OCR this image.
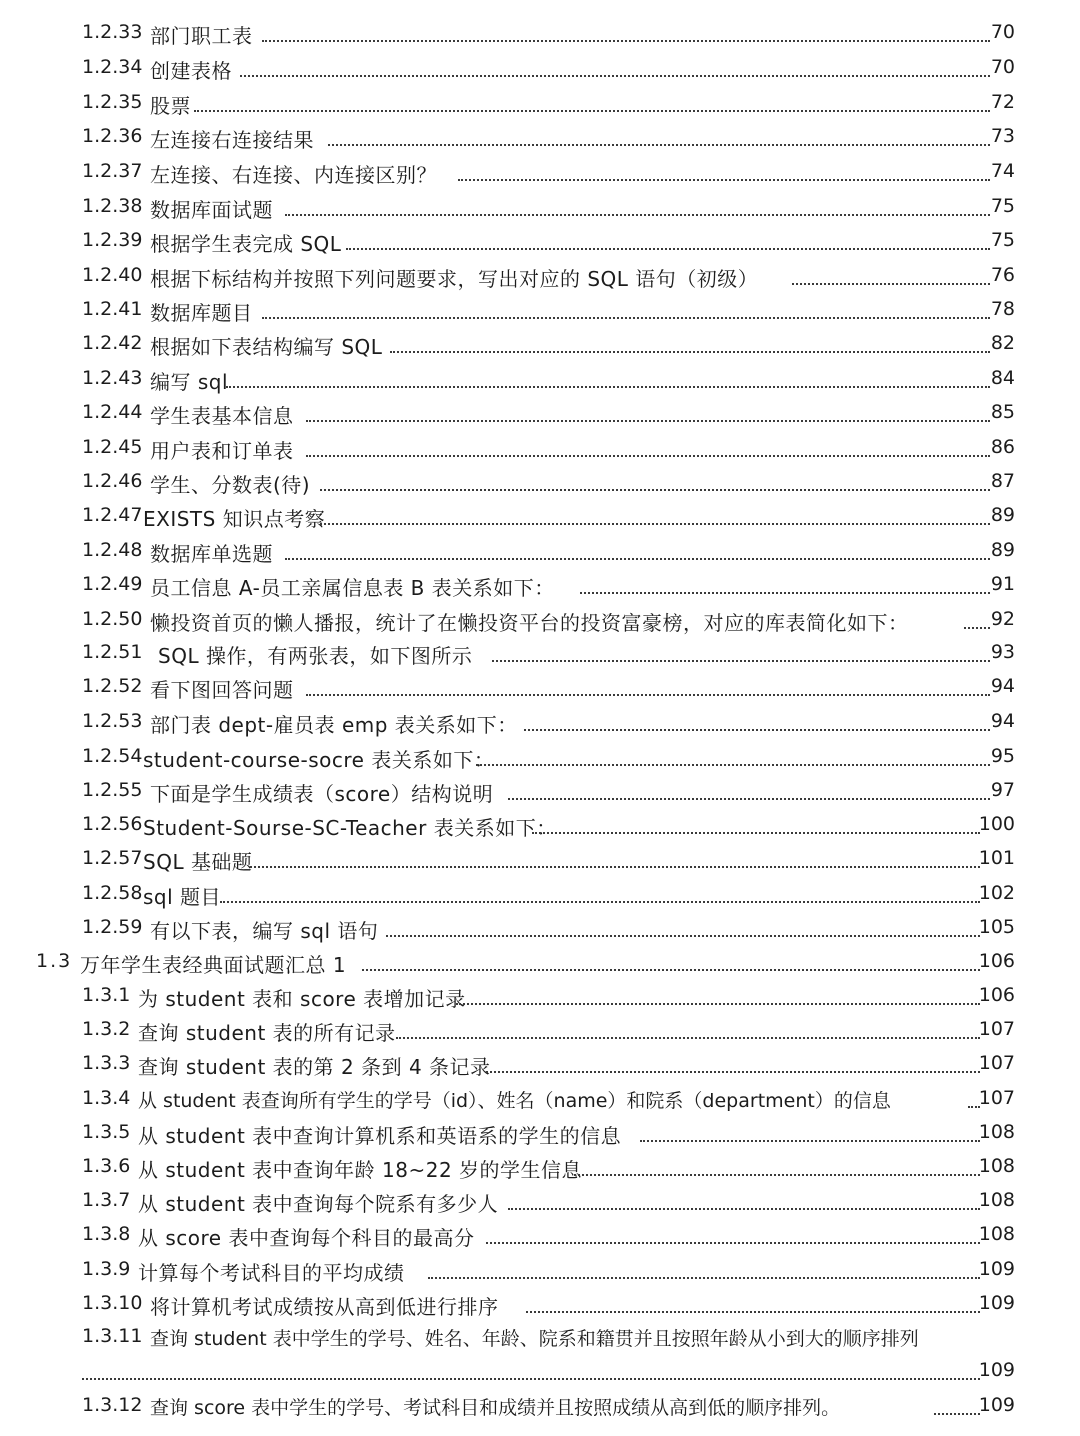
1.2.33 部门职工表	70
1.2.34 创建表格	70
1.2.35 股票	72
1.2.36 左连接右连接结果	73
1.2.37 左连接、右连接、内连接区别？	74
1.2.38 数据库面试题	75
1.2.39 根据学生表完成 SQL	75
1.2.40 根据下标结构并按照下列问题要求，写出对应的 SQL 语句（初级）	76
1.2.41 数据库题目	78
1.2.42 根据如下表结构编写 SQL	82
1.2.43 编写 sql	84
1.2.44 学生表基本信息	85
1.2.45 用户表和订单表	86
1.2.46 学生、分数表(待)	87
1.2.47 EXISTS 知识点考察	89
1.2.48 数据库单选题	89
1.2.49 员工信息 A-员工亲属信息表 B 表关系如下：	91
1.2.50 懒投资首页的懒人播报，统计了在懒投资平台的投资富豪榜，对应的库表简化如下：	92
1.2.51 SQL 操作，有两张表，如下图所示	93
1.2.52 看下图回答问题	94
1.2.53 部门表 dept-雇员表 emp 表关系如下：	94
1.2.54 student-course-socre 表关系如下：	95
1.2.55 下面是学生成绩表（score）结构说明	97
1.2.56 Student-Sourse-SC-Teacher 表关系如下：	100
1.2.57 SQL 基础题	101
1.2.58 sql 题目	102
1.2.59 有以下表，编写 sql 语句	105
1.3 万年学生表经典面试题汇总 1	106
1.3.1 为 student 表和 score 表增加记录	106
1.3.2 查询 student 表的所有记录	107
1.3.3 查询 student 表的第 2 条到 4 条记录	107
1.3.4 从 student 表查询所有学生的学号（id）、姓名（name）和院系（department）的信息	107
1.3.5 从 student 表中查询计算机系和英语系的学生的信息	108
1.3.6 从 student 表中查询年龄 18~22 岁的学生信息	108
1.3.7 从 student 表中查询每个院系有多少人	108
1.3.8 从 score 表中查询每个科目的最高分	108
1.3.9 计算每个考试科目的平均成绩	109
1.3.10 将计算机考试成绩按从高到低进行排序	109
1.3.11 查询 student 表中学生的学号、姓名、年龄、院系和籍贯并且按照年龄从小到大的顺序排列
109
1.3.12 查询 score 表中学生的学号、考试科目和成绩并且按照成绩从高到低的顺序排列。	109
